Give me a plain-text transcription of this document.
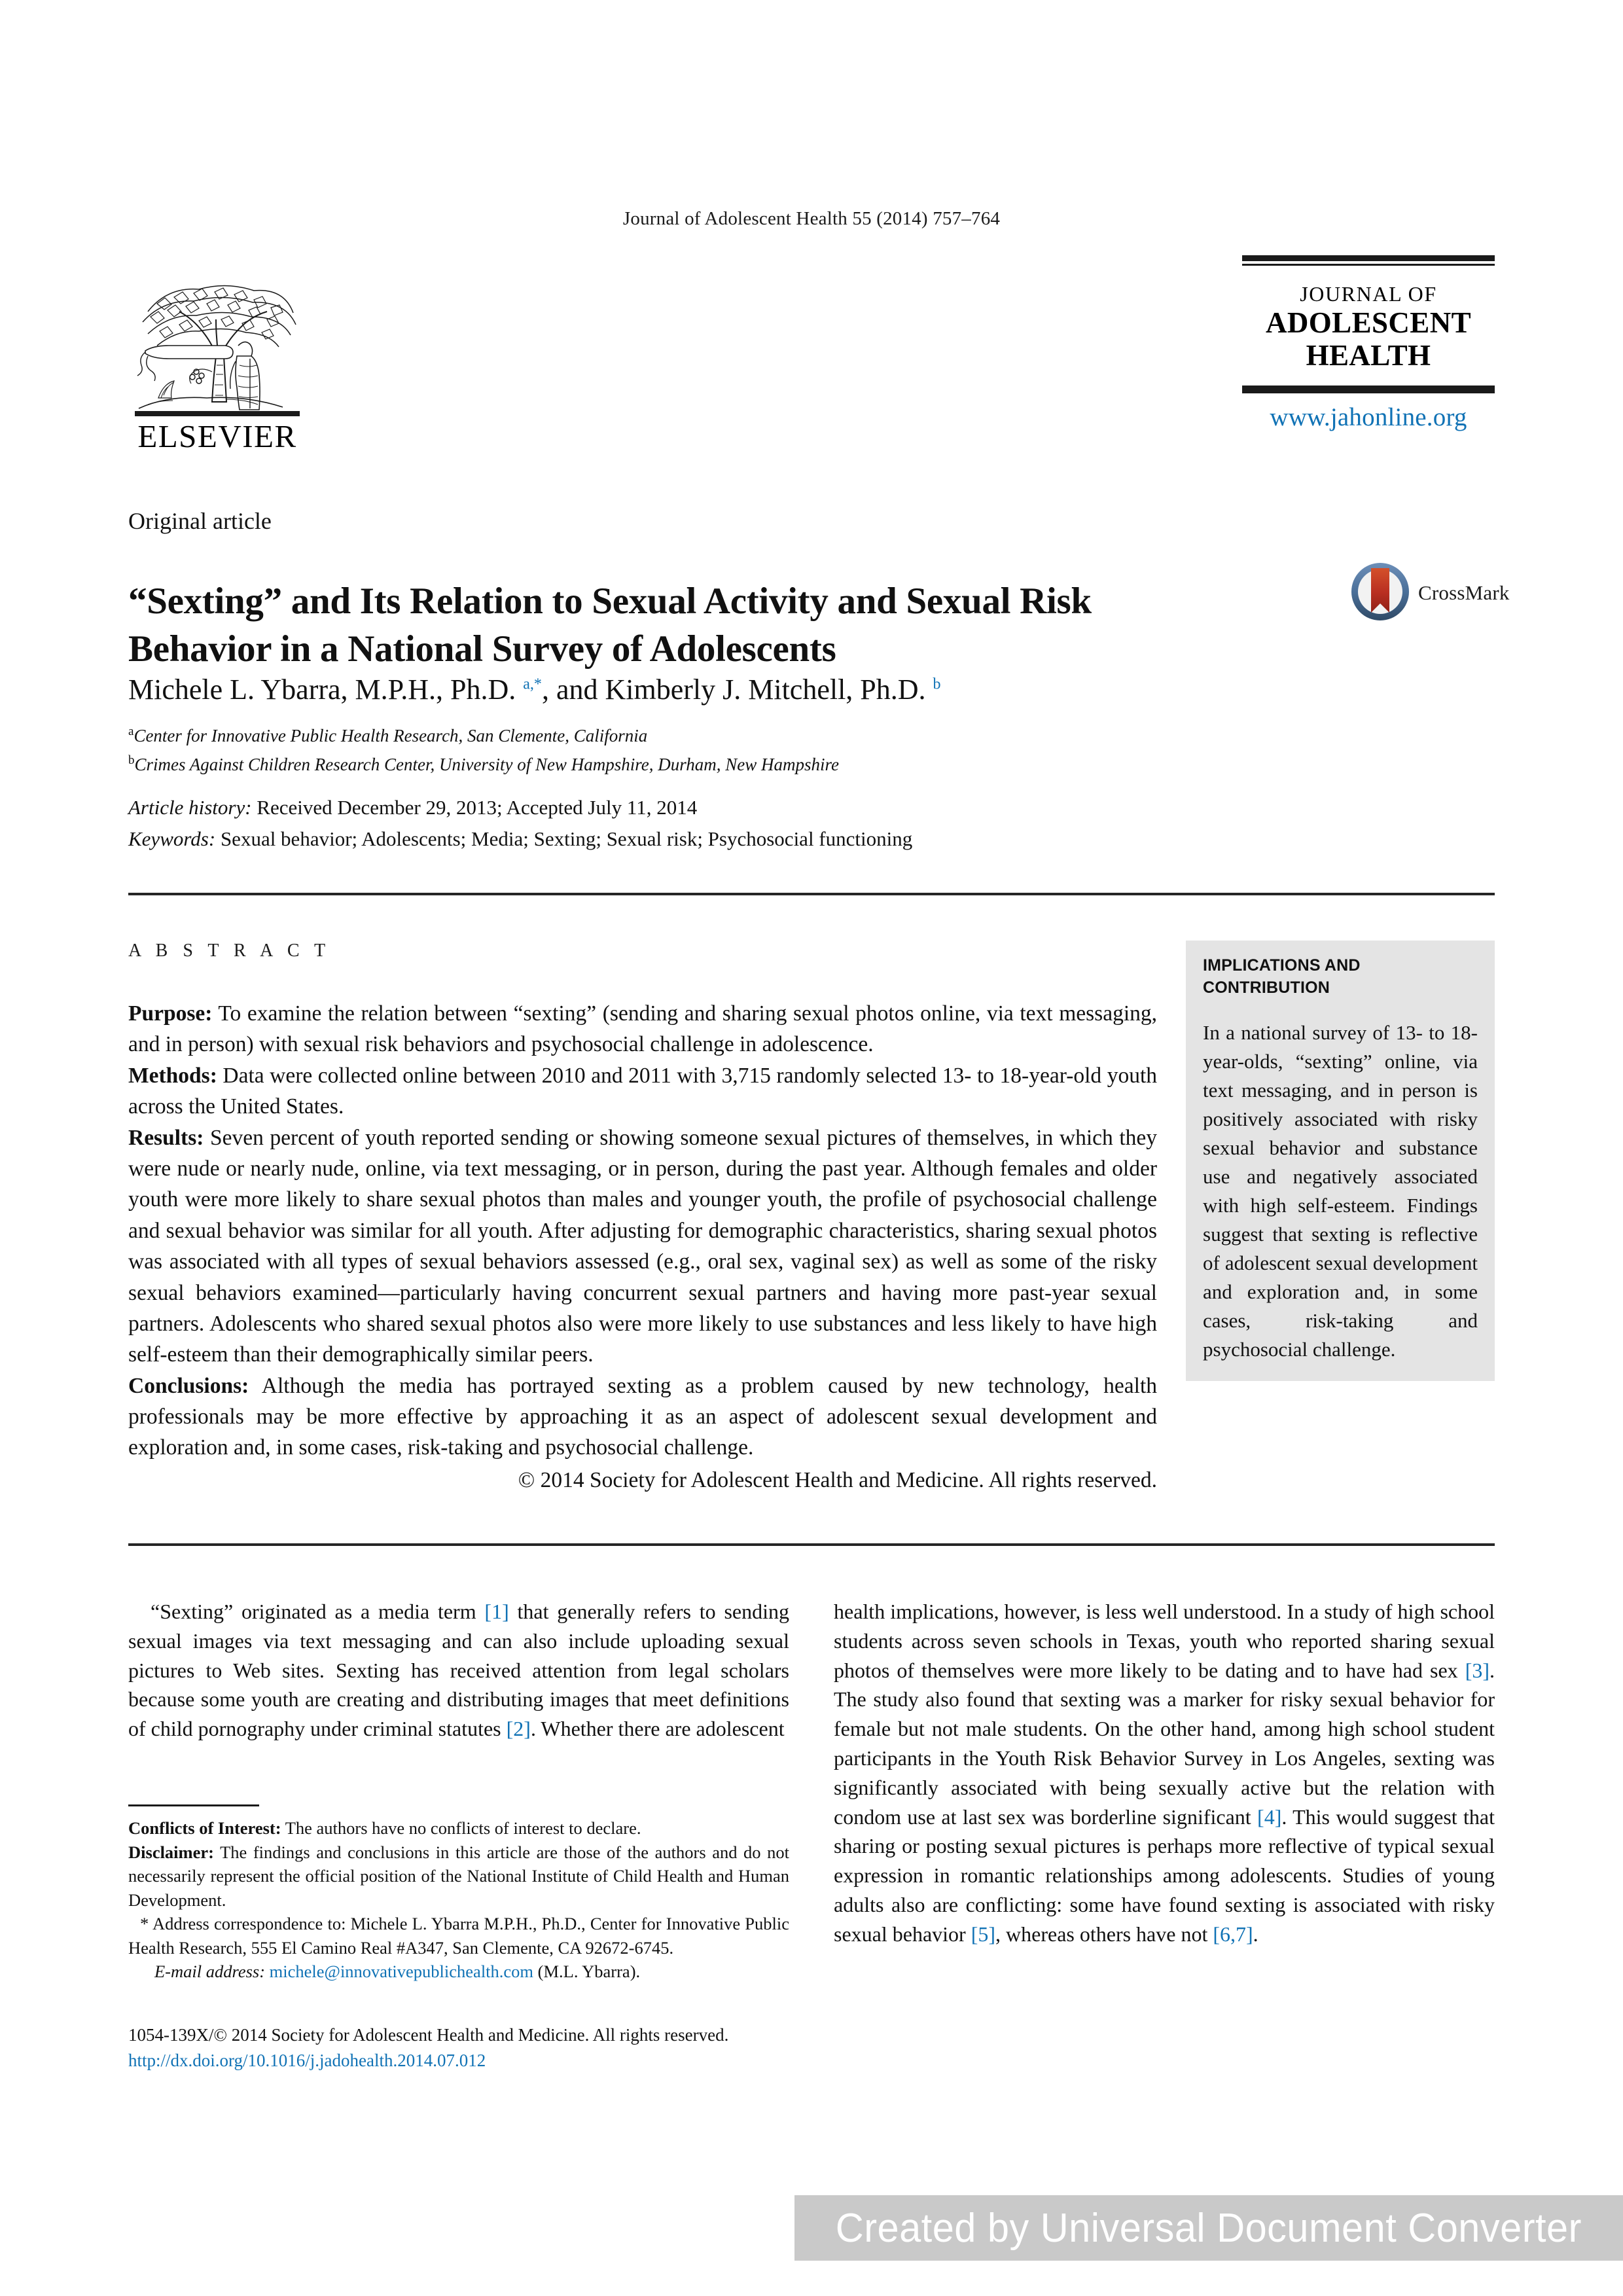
Journal of Adolescent Health 55 (2014) 757–764
ELSEVIER
JOURNAL OF
ADOLESCENT
HEALTH
www.jahonline.org
Original article
“Sexting” and Its Relation to Sexual Activity and Sexual Risk Behavior in a National Survey of Adolescents
CrossMark
Michele L. Ybarra, M.P.H., Ph.D. $^{a,*}$, and Kimberly J. Mitchell, Ph.D. $^b$
$^a$Center for Innovative Public Health Research, San Clemente, California
$^b$Crimes Against Children Research Center, University of New Hampshire, Durham, New Hampshire
Article history: Received December 29, 2013; Accepted July 11, 2014
Keywords: Sexual behavior; Adolescents; Media; Sexting; Sexual risk; Psychosocial functioning
A B S T R A C T
Purpose: To examine the relation between “sexting” (sending and sharing sexual photos online, via text messaging, and in person) with sexual risk behaviors and psychosocial challenge in adolescence.
Methods: Data were collected online between 2010 and 2011 with 3,715 randomly selected 13- to 18-year-old youth across the United States.
Results: Seven percent of youth reported sending or showing someone sexual pictures of themselves, in which they were nude or nearly nude, online, via text messaging, or in person, during the past year. Although females and older youth were more likely to share sexual photos than males and younger youth, the profile of psychosocial challenge and sexual behavior was similar for all youth. After adjusting for demographic characteristics, sharing sexual photos was associated with all types of sexual behaviors assessed (e.g., oral sex, vaginal sex) as well as some of the risky sexual behaviors examined—particularly having concurrent sexual partners and having more past-year sexual partners. Adolescents who shared sexual photos also were more likely to use substances and less likely to have high self-esteem than their demographically similar peers.
Conclusions: Although the media has portrayed sexting as a problem caused by new technology, health professionals may be more effective by approaching it as an aspect of adolescent sexual development and exploration and, in some cases, risk-taking and psychosocial challenge.
© 2014 Society for Adolescent Health and Medicine. All rights reserved.
IMPLICATIONS AND CONTRIBUTION
In a national survey of 13- to 18-year-olds, “sexting” online, via text messaging, and in person is positively associated with risky sexual behavior and substance use and negatively associated with high self-esteem. Findings suggest that sexting is reflective of adolescent sexual development and exploration and, in some cases, risk-taking and psychosocial challenge.

“Sexting” originated as a media term [1] that generally refers to sending sexual images via text messaging and can also include uploading sexual pictures to Web sites. Sexting has received attention from legal scholars because some youth are creating and distributing images that meet definitions of child pornography under criminal statutes [2]. Whether there are adolescent

health implications, however, is less well understood. In a study of high school students across seven schools in Texas, youth who reported sharing sexual photos of themselves were more likely to be dating and to have had sex [3]. The study also found that sexting was a marker for risky sexual behavior for female but not male students. On the other hand, among high school student participants in the Youth Risk Behavior Survey in Los Angeles, sexting was significantly associated with being sexually active but the relation with condom use at last sex was borderline significant [4]. This would suggest that sharing or posting sexual pictures is perhaps more reflective of typical sexual expression in romantic relationships among adolescents. Studies of young adults also are conflicting: some have found sexting is associated with risky sexual behavior [5], whereas others have not [6,7].

Conflicts of Interest: The authors have no conflicts of interest to declare.

Disclaimer: The findings and conclusions in this article are those of the authors and do not necessarily represent the official position of the National Institute of Child Health and Human Development.

* Address correspondence to: Michele L. Ybarra M.P.H., Ph.D., Center for Innovative Public Health Research, 555 El Camino Real #A347, San Clemente, CA 92672-6745.

E-mail address: michele@innovativepublichealth.com (M.L. Ybarra).

1054-139X/© 2014 Society for Adolescent Health and Medicine. All rights reserved.
http://dx.doi.org/10.1016/j.jadohealth.2014.07.012
Created by Universal Document Converter
